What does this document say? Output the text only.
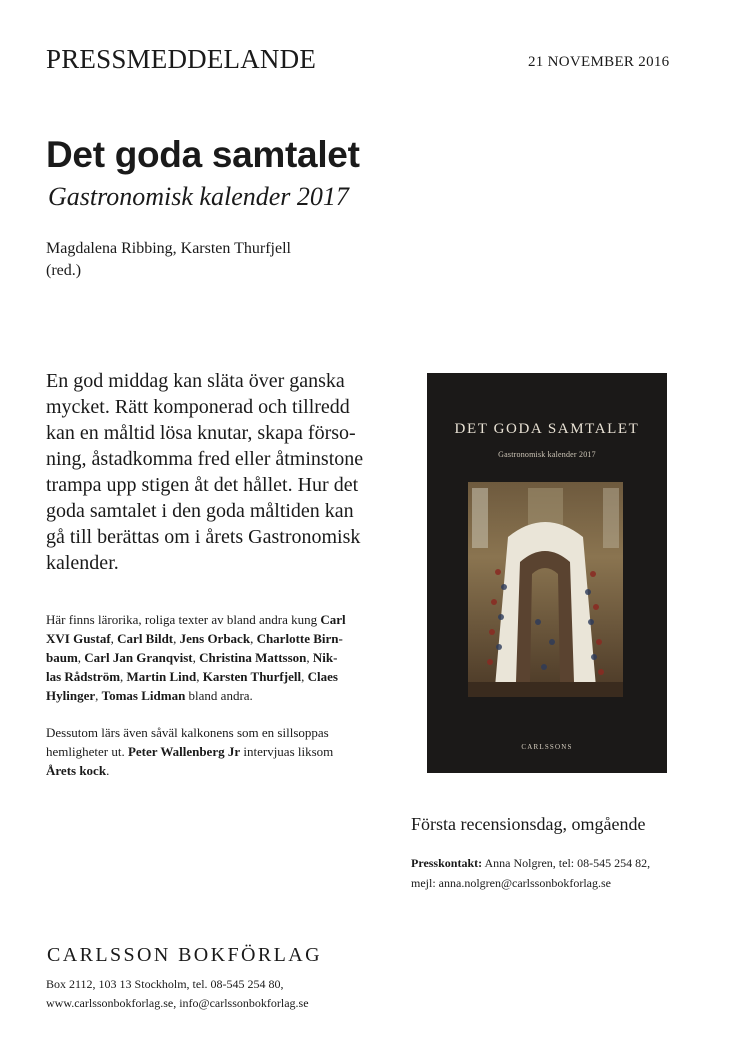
PRESSMEDDELANDE	21 NOVEMBER 2016
Det goda samtalet
Gastronomisk kalender 2017
Magdalena Ribbing, Karsten Thurfjell
(red.)
En god middag kan släta över ganska
mycket. Rätt komponerad och tillredd
kan en måltid lösa knutar, skapa förso-
ning, åstadkomma fred eller åtminstone
trampa upp stigen åt det hållet. Hur det
goda samtalet i den goda måltiden kan
gå till berättas om i årets Gastronomisk
kalender.
Här finns lärorika, roliga texter av bland andra kung Carl
XVI Gustaf, Carl Bildt, Jens Orback, Charlotte Birn-
baum, Carl Jan Granqvist, Christina Mattsson, Nik-
las Rådström, Martin Lind, Karsten Thurfjell, Claes
Hylinger, Tomas Lidman bland andra.
Dessutom lärs även såväl kalkonens som en sillsoppas
hemligheter ut. Peter Wallenberg Jr intervjuas liksom
Årets kock.
DET GODA SAMTALET
Gastronomisk kalender 2017
CARLSSONS
Första recensionsdag, omgående
Presskontakt: Anna Nolgren, tel: 08-545 254 82,
mejl: anna.nolgren@carlssonbokforlag.se
CARLSSON BOKFÖRLAG
Box 2112, 103 13 Stockholm, tel. 08-545 254 80,
www.carlssonbokforlag.se, info@carlssonbokforlag.se
